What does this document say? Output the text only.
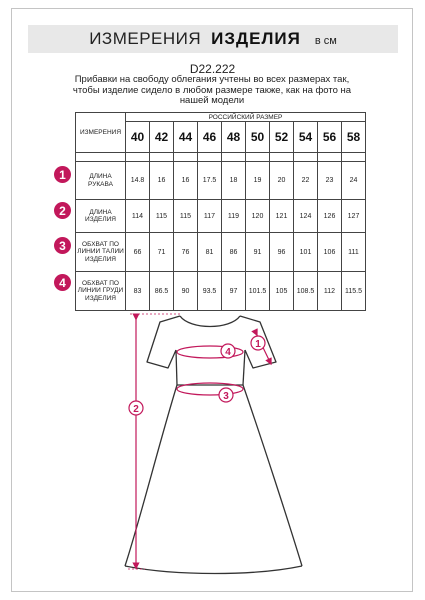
ИЗМЕРЕНИЯ ИЗДЕЛИЯ в см
D22.222
Прибавки на свободу облегания учтены во всех размерах так, чтобы изделие сидело в любом размере также, как на фото на нашей модели
1
2
3
4
ИЗМЕРЕНИЯ	РОССИЙСКИЙ РАЗМЕР									
	40	42	44	46	48	50	52	54	56	58

ДЛИНА РУКАВА	14.8	16	16	17.5	18	19	20	22	23	24
ДЛИНА ИЗДЕЛИЯ	114	115	115	117	119	120	121	124	126	127
ОБХВАТ ПО ЛИНИИ ТАЛИИ ИЗДЕЛИЯ	66	71	76	81	86	91	96	101	106	111
ОБХВАТ ПО ЛИНИИ ГРУДИ ИЗДЕЛИЯ	83	86.5	90	93.5	97	101.5	105	108.5	112	115.5
4
3
1
2
